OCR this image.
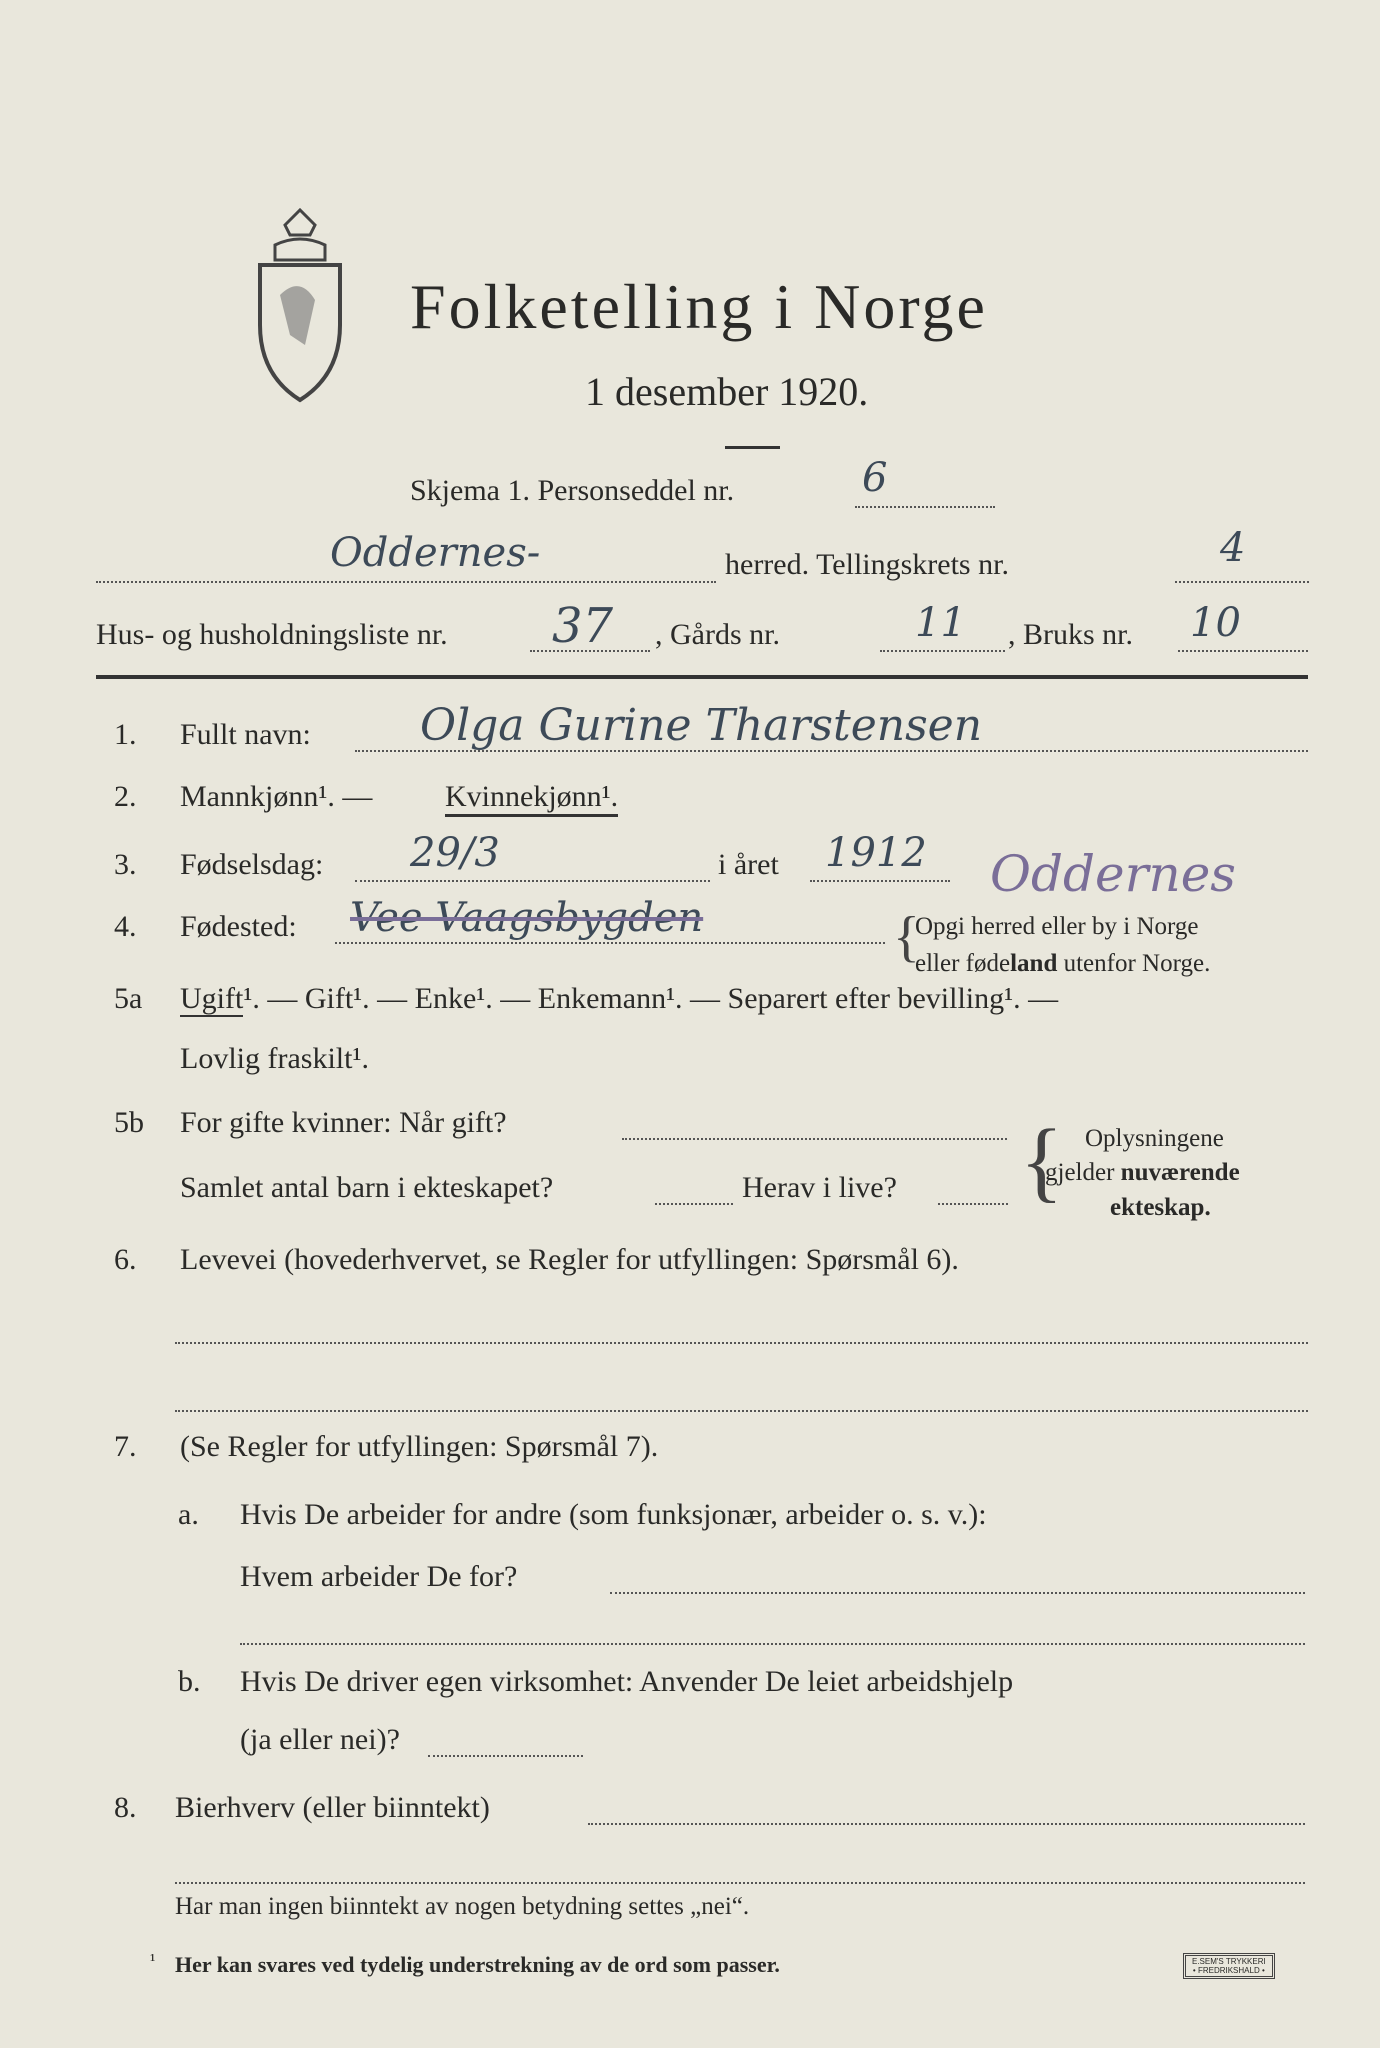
Folketelling i Norge
1 desember 1920.
Skjema 1. Personseddel nr.	6
Oddernes-	herred. Tellingskrets nr.	4
Hus- og husholdningsliste nr. 37 , Gårds nr.	11 , Bruks nr. 10
1. Fullt navn: Olga Gurine Tharstensen
2. Mannkjønn¹. — Kvinnekjønn¹.
3. Fødselsdag: 29/3	i året 1912 Oddernes
4. Fødested: Vee Vaagsbygden	{
Opgi herred eller by i Norge
eller fødeland utenfor Norge.
5a Ugift¹. — Gift¹. — Enke¹. — Enkemann¹. — Separert efter bevilling¹. —
Lovlig fraskilt¹.
5b For gifte kvinner: Når gift?
Samlet antal barn i ekteskapet?	Herav i live? { Oplysningene
gjelder nuværende
ekteskap.
6. Levevei (hovederhvervet, se Regler for utfyllingen: Spørsmål 6).
7. (Se Regler for utfyllingen: Spørsmål 7).
a. Hvis De arbeider for andre (som funksjonær, arbeider o. s. v.):
Hvem arbeider De for?
b. Hvis De driver egen virksomhet: Anvender De leiet arbeidshjelp
(ja eller nei)?
8. Bierhverv (eller biinntekt)
Har man ingen biinntekt av nogen betydning settes „nei“.
¹ Her kan svares ved tydelig understrekning av de ord som passer.	E.SEM'S TRYKKERI
• FREDRIKSHALD •
